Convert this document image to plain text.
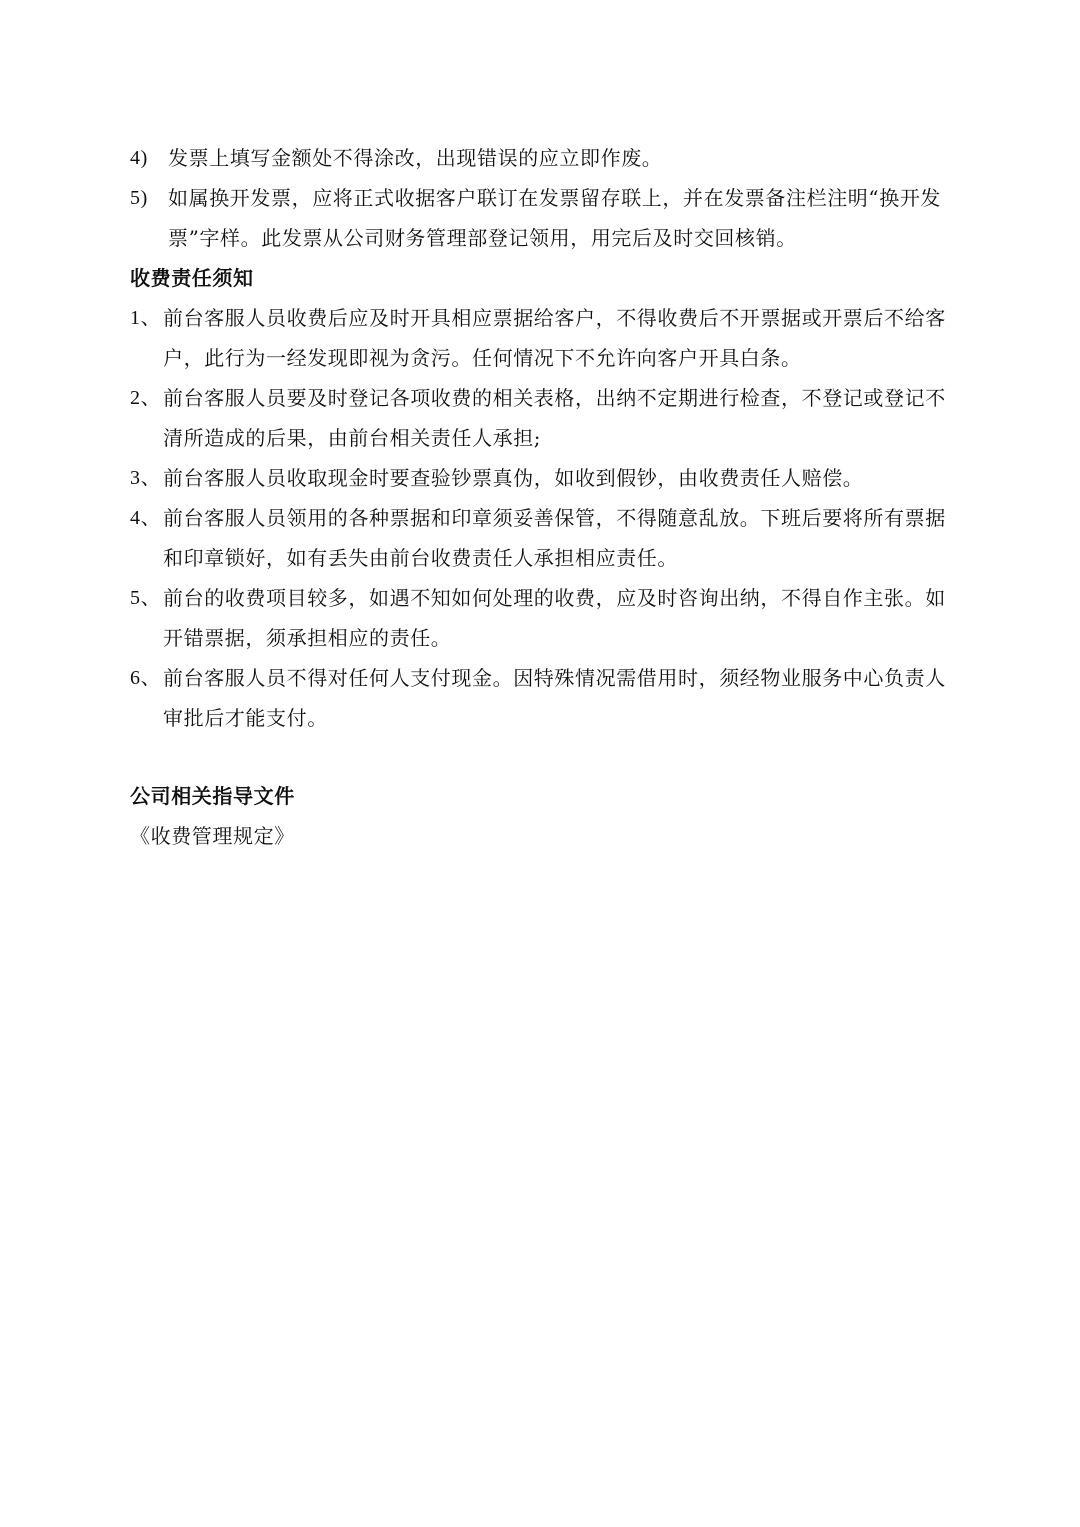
4) 发票上填写金额处不得涂改，出现错误的应立即作废。
5) 如属换开发票，应将正式收据客户联订在发票留存联上，并在发票备注栏注明“换开发票”字样。此发票从公司财务管理部登记领用，用完后及时交回核销。
收费责任须知
1、 前台客服人员收费后应及时开具相应票据给客户，不得收费后不开票据或开票后不给客户，此行为一经发现即视为贪污。任何情况下不允许向客户开具白条。
2、 前台客服人员要及时登记各项收费的相关表格，出纳不定期进行检查，不登记或登记不清所造成的后果，由前台相关责任人承担;
3、 前台客服人员收取现金时要查验钞票真伪，如收到假钞，由收费责任人赔偿。
4、 前台客服人员领用的各种票据和印章须妥善保管，不得随意乱放。下班后要将所有票据和印章锁好，如有丢失由前台收费责任人承担相应责任。
5、 前台的收费项目较多，如遇不知如何处理的收费，应及时咨询出纳，不得自作主张。如开错票据，须承担相应的责任。
6、 前台客服人员不得对任何人支付现金。因特殊情况需借用时，须经物业服务中心负责人审批后才能支付。
公司相关指导文件
《收费管理规定》
